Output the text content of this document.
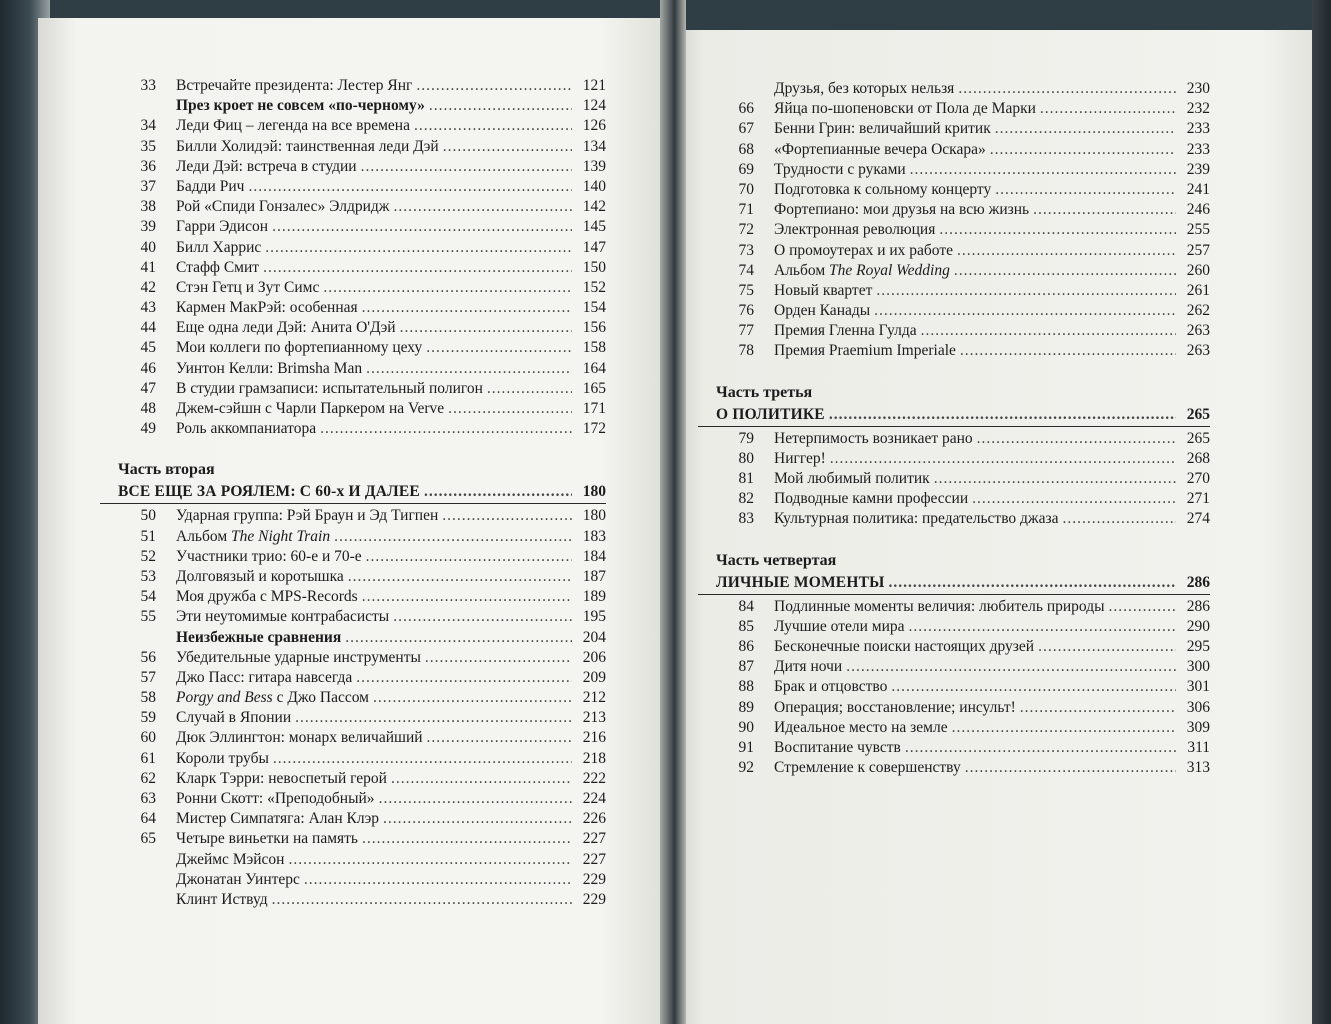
33	Встречайте президента: Лестер Янг .....	121
През кроет не совсем «по-черному» .....	124
34	Леди Фиц – легенда на все времена .....	126
35	Билли Холидэй: таинственная леди Дэй .....	134
36	Леди Дэй: встреча в студии .....	139
37	Бадди Рич .....	140
38	Рой «Спиди Гонзалес» Элдридж .....	142
39	Гарри Эдисон .....	145
40	Билл Харрис .....	147
41	Стафф Смит .....	150
42	Стэн Гетц и Зут Симс .....	152
43	Кармен МакРэй: особенная .....	154
44	Еще одна леди Дэй: Анита О'Дэй .....	156
45	Мои коллеги по фортепианному цеху .....	158
46	Уинтон Келли: Brimsha Man .....	164
47	В студии грамзаписи: испытательный полигон .....	165
48	Джем-сэйшн с Чарли Паркером на Verve .....	171
49	Роль аккомпаниатора .....	172
Часть вторая
ВСЕ ЕЩЕ ЗА РОЯЛЕМ: С 60-х И ДАЛЕЕ .....	180
50	Ударная группа: Рэй Браун и Эд Тигпен .....	180
51	Альбом The Night Train .....	183
52	Участники трио: 60-е и 70-е .....	184
53	Долговязый и коротышка .....	187
54	Моя дружба с MPS-Records .....	189
55	Эти неутомимые контрабасисты .....	195
Неизбежные сравнения .....	204
56	Убедительные ударные инструменты .....	206
57	Джо Пасс: гитара навсегда .....	209
58	Porgy and Bess с Джо Пассом .....	212
59	Случай в Японии .....	213
60	Дюк Эллингтон: монарх величайший .....	216
61	Короли трубы .....	218
62	Кларк Тэрри: невоспетый герой .....	222
63	Ронни Скотт: «Преподобный» .....	224
64	Мистер Симпатяга: Алан Клэр .....	226
65	Четыре виньетки на память .....	227
Джеймс Мэйсон .....	227
Джонатан Уинтерс .....	229
Клинт Иствуд .....	229
Друзья, без которых нельзя .....	230
66	Яйца по-шопеновски от Пола де Марки .....	232
67	Бенни Грин: величайший критик .....	233
68	«Фортепианные вечера Оскара» .....	233
69	Трудности с руками .....	239
70	Подготовка к сольному концерту .....	241
71	Фортепиано: мои друзья на всю жизнь .....	246
72	Электронная революция .....	255
73	О промоутерах и их работе .....	257
74	Альбом The Royal Wedding .....	260
75	Новый квартет .....	261
76	Орден Канады .....	262
77	Премия Гленна Гулда .....	263
78	Премия Praemium Imperiale .....	263
Часть третья
О ПОЛИТИКЕ .....	265
79	Нетерпимость возникает рано .....	265
80	Ниггер! .....	268
81	Мой любимый политик .....	270
82	Подводные камни профессии .....	271
83	Культурная политика: предательство джаза .....	274
Часть четвертая
ЛИЧНЫЕ МОМЕНТЫ .....	286
84	Подлинные моменты величия: любитель природы .....	286
85	Лучшие отели мира .....	290
86	Бесконечные поиски настоящих друзей .....	295
87	Дитя ночи .....	300
88	Брак и отцовство .....	301
89	Операция; восстановление; инсульт! .....	306
90	Идеальное место на земле .....	309
91	Воспитание чувств .....	311
92	Стремление к совершенству .....	313
